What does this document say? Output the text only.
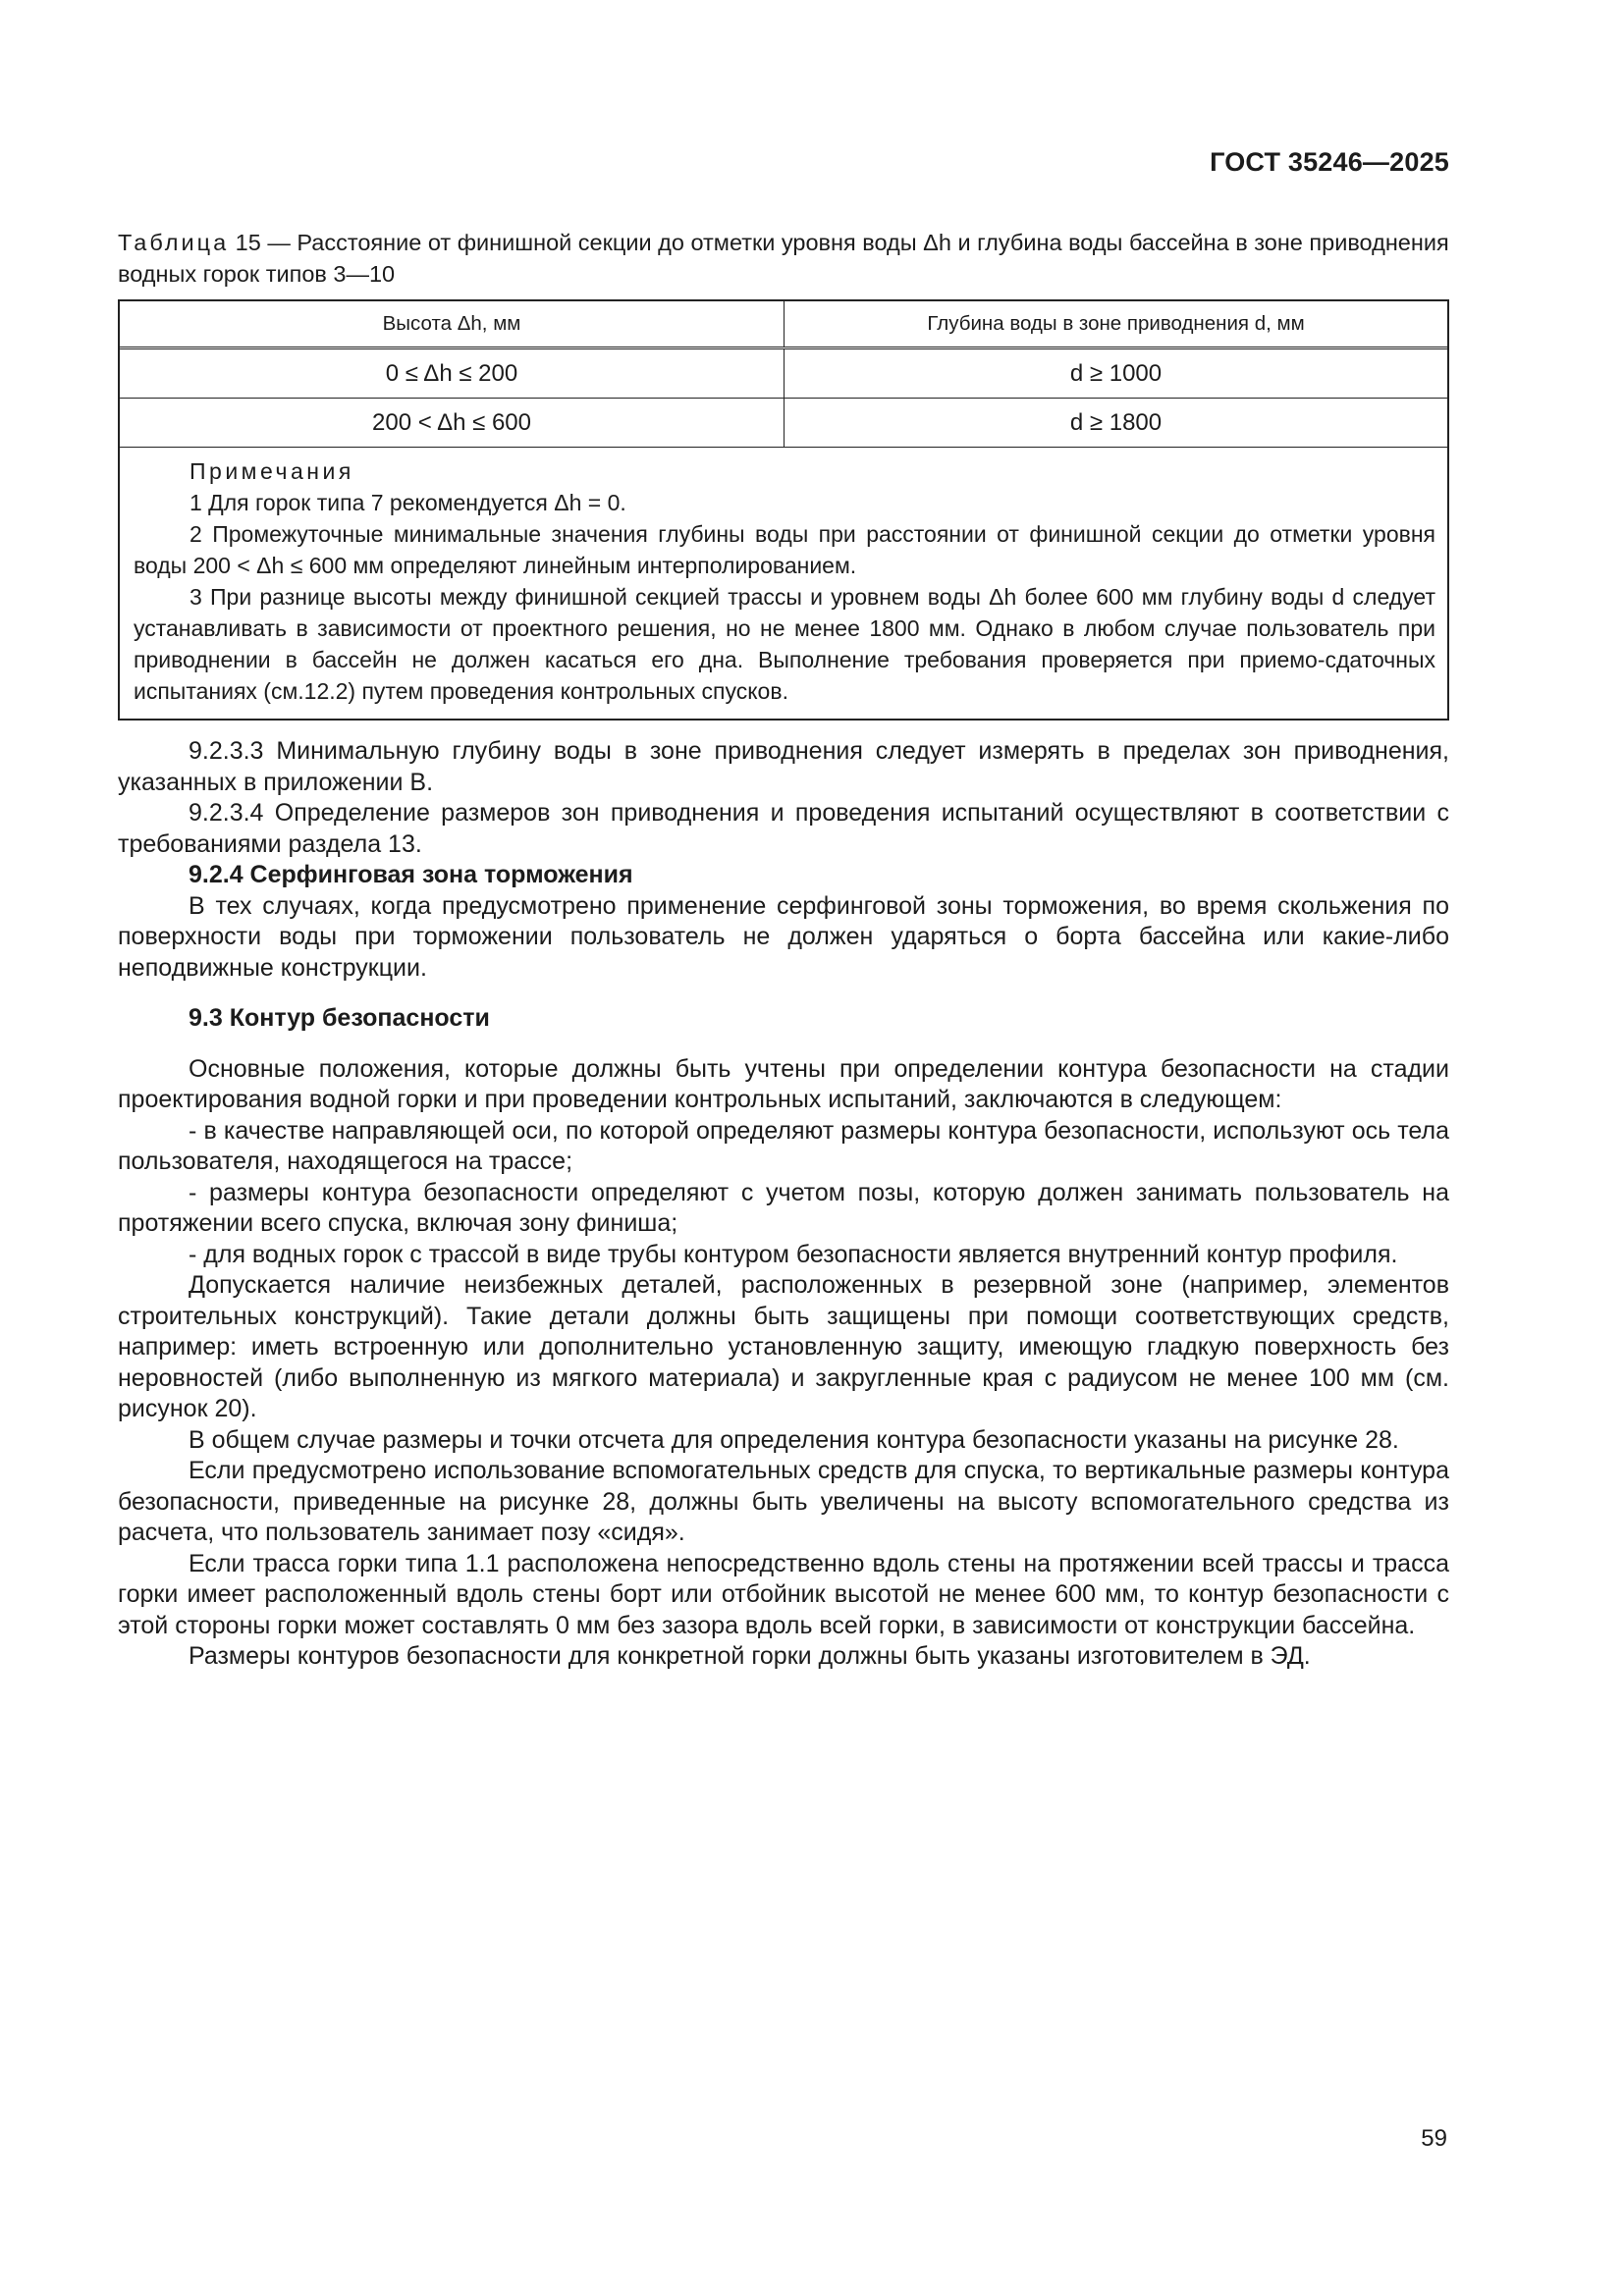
ГОСТ 35246—2025
Таблица 15 — Расстояние от финишной секции до отметки уровня воды Δh и глубина воды бассейна в зоне приводнения водных горок типов 3—10
Высота Δh, мм	Глубина воды в зоне приводнения d, мм
0 ≤ Δh ≤ 200	d ≥ 1000
200 < Δh ≤ 600	d ≥ 1800
Примечания
1 Для горок типа 7 рекомендуется Δh = 0.
2 Промежуточные минимальные значения глубины воды при расстоянии от финишной секции до отметки уровня воды 200 < Δh ≤ 600 мм определяют линейным интерполированием.
3 При разнице высоты между финишной секцией трассы и уровнем воды Δh более 600 мм глубину воды d следует устанавливать в зависимости от проектного решения, но не менее 1800 мм. Однако в любом случае пользователь при приводнении в бассейн не должен касаться его дна. Выполнение требования проверяется при приемо-сдаточных испытаниях (см.12.2) путем проведения контрольных спусков.

9.2.3.3 Минимальную глубину воды в зоне приводнения следует измерять в пределах зон приводнения, указанных в приложении В.

9.2.3.4 Определение размеров зон приводнения и проведения испытаний осуществляют в соответствии с требованиями раздела 13.

9.2.4 Серфинговая зона торможения

В тех случаях, когда предусмотрено применение серфинговой зоны торможения, во время скольжения по поверхности воды при торможении пользователь не должен ударяться о борта бассейна или какие-либо неподвижные конструкции.

9.3 Контур безопасности

Основные положения, которые должны быть учтены при определении контура безопасности на стадии проектирования водной горки и при проведении контрольных испытаний, заключаются в следующем:

- в качестве направляющей оси, по которой определяют размеры контура безопасности, используют ось тела пользователя, находящегося на трассе;

- размеры контура безопасности определяют с учетом позы, которую должен занимать пользователь на протяжении всего спуска, включая зону финиша;

- для водных горок с трассой в виде трубы контуром безопасности является внутренний контур профиля.

Допускается наличие неизбежных деталей, расположенных в резервной зоне (например, элементов строительных конструкций). Такие детали должны быть защищены при помощи соответствующих средств, например: иметь встроенную или дополнительно установленную защиту, имеющую гладкую поверхность без неровностей (либо выполненную из мягкого материала) и закругленные края с радиусом не менее 100 мм (см. рисунок 20).

В общем случае размеры и точки отсчета для определения контура безопасности указаны на рисунке 28.

Если предусмотрено использование вспомогательных средств для спуска, то вертикальные размеры контура безопасности, приведенные на рисунке 28, должны быть увеличены на высоту вспомогательного средства из расчета, что пользователь занимает позу «сидя».

Если трасса горки типа 1.1 расположена непосредственно вдоль стены на протяжении всей трассы и трасса горки имеет расположенный вдоль стены борт или отбойник высотой не менее 600 мм, то контур безопасности с этой стороны горки может составлять 0 мм без зазора вдоль всей горки, в зависимости от конструкции бассейна.

Размеры контуров безопасности для конкретной горки должны быть указаны изготовителем в ЭД.

59
